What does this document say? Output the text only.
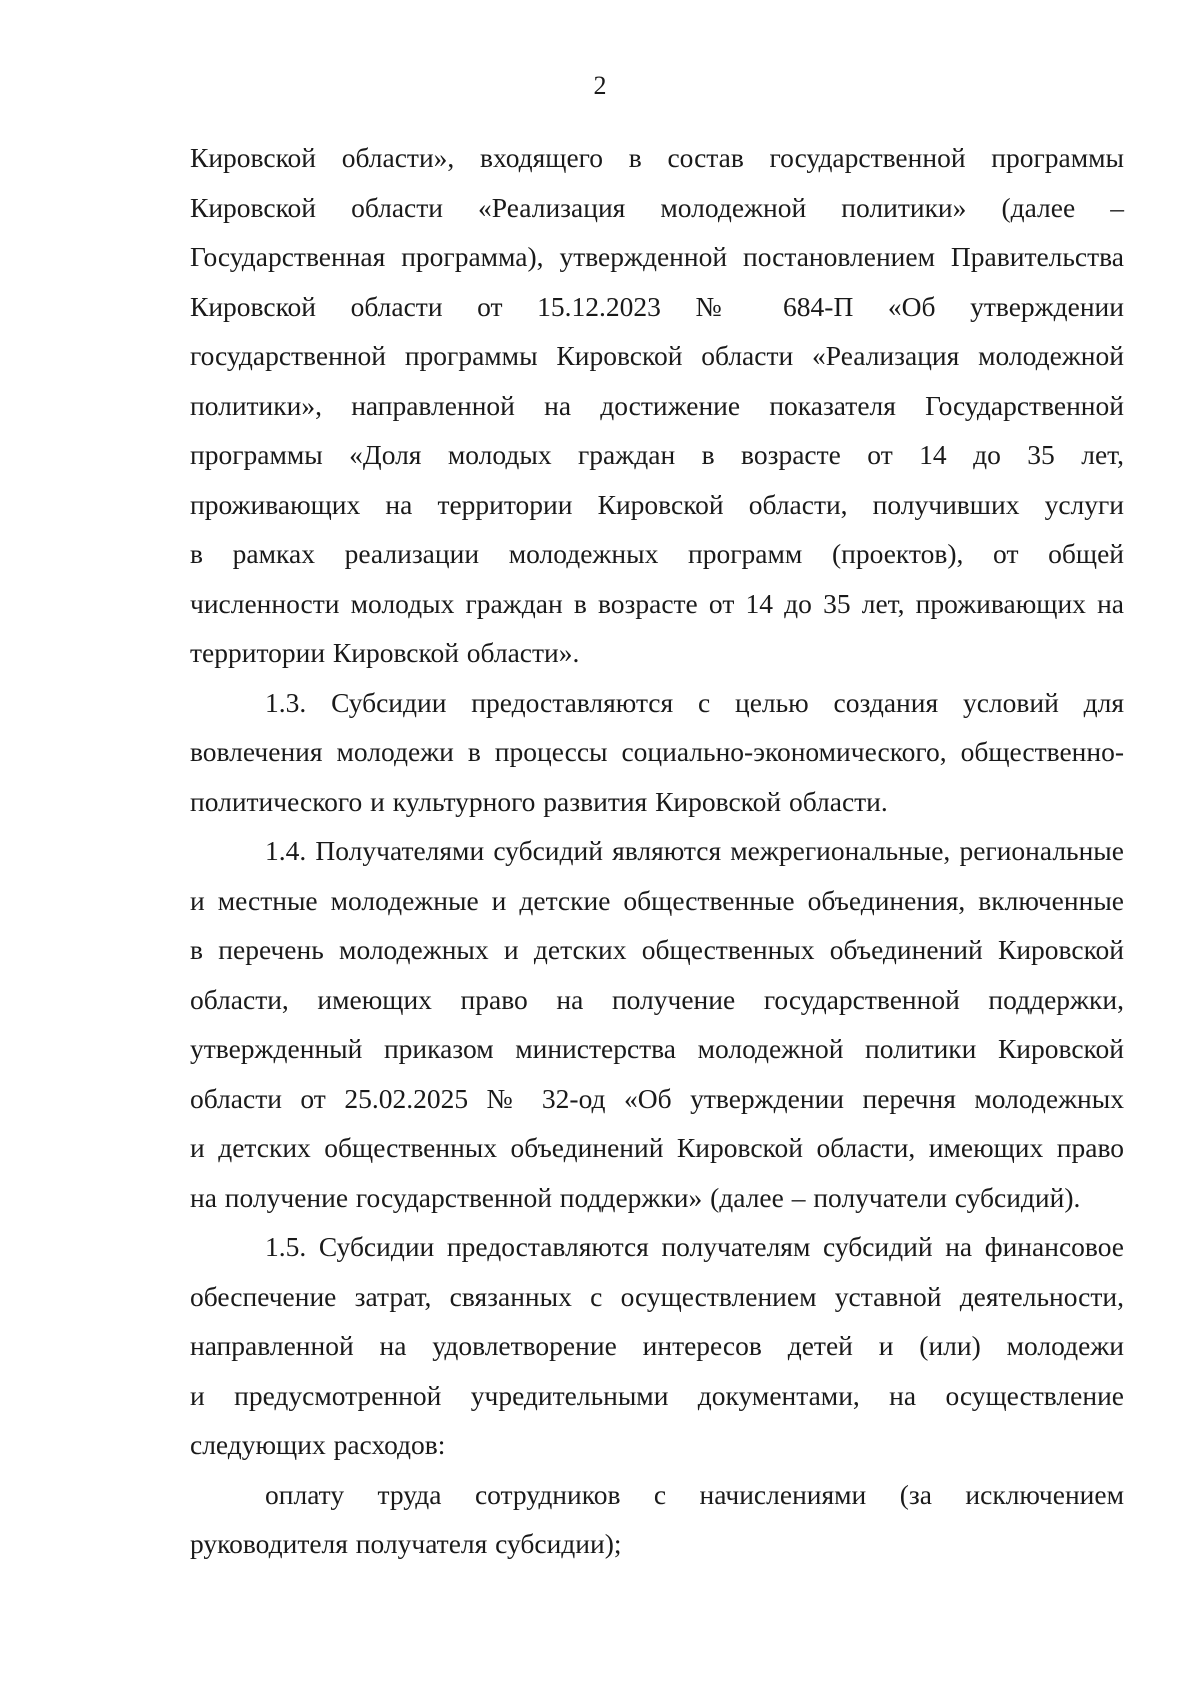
2

Кировской области», входящего в состав государственной программы
Кировской области «Реализация молодежной политики» (далее –
Государственная программа), утвержденной постановлением Правительства
Кировской области от 15.12.2023 № 684-П «Об утверждении
государственной программы Кировской области «Реализация молодежной
политики», направленной на достижение показателя Государственной
программы «Доля молодых граждан в возрасте от 14 до 35 лет,
проживающих на территории Кировской области, получивших услуги
в рамках реализации молодежных программ (проектов), от общей
численности молодых граждан в возрасте от 14 до 35 лет, проживающих на
территории Кировской области».

1.3. Субсидии предоставляются с целью создания условий для
вовлечения молодежи в процессы социально-экономического, общественно-
политического и культурного развития Кировской области.

1.4. Получателями субсидий являются межрегиональные, региональные
и местные молодежные и детские общественные объединения, включенные
в перечень молодежных и детских общественных объединений Кировской
области, имеющих право на получение государственной поддержки,
утвержденный приказом министерства молодежной политики Кировской
области от 25.02.2025 № 32-од «Об утверждении перечня молодежных
и детских общественных объединений Кировской области, имеющих право
на получение государственной поддержки» (далее – получатели субсидий).

1.5. Субсидии предоставляются получателям субсидий на финансовое
обеспечение затрат, связанных с осуществлением уставной деятельности,
направленной на удовлетворение интересов детей и (или) молодежи
и предусмотренной учредительными документами, на осуществление
следующих расходов:

оплату труда сотрудников с начислениями (за исключением
руководителя получателя субсидии);
